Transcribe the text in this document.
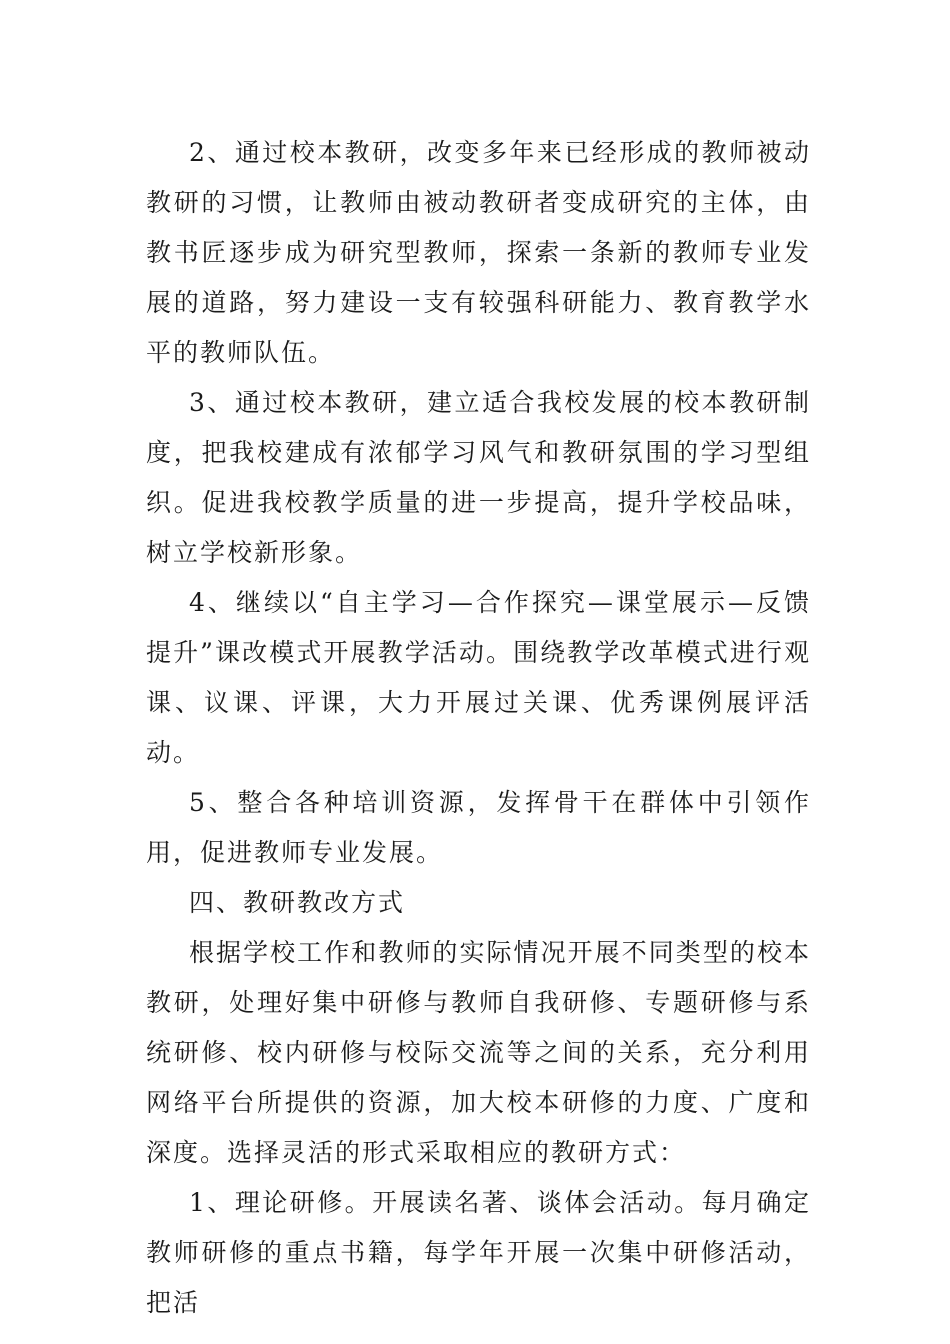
2、通过校本教研，改变多年来已经形成的教师被动教研的习惯，让教师由被动教研者变成研究的主体，由教书匠逐步成为研究型教师，探索一条新的教师专业发展的道路，努力建设一支有较强科研能力、教育教学水平的教师队伍。

3、通过校本教研，建立适合我校发展的校本教研制度，把我校建成有浓郁学习风气和教研氛围的学习型组织。促进我校教学质量的进一步提高，提升学校品味，树立学校新形象。

4、继续以“自主学习—合作探究—课堂展示—反馈提升”课改模式开展教学活动。围绕教学改革模式进行观课、议课、评课，大力开展过关课、优秀课例展评活动。

5、整合各种培训资源，发挥骨干在群体中引领作用，促进教师专业发展。

四、教研教改方式

根据学校工作和教师的实际情况开展不同类型的校本教研，处理好集中研修与教师自我研修、专题研修与系统研修、校内研修与校际交流等之间的关系，充分利用网络平台所提供的资源，加大校本研修的力度、广度和深度。选择灵活的形式采取相应的教研方式：

1、理论研修。开展读名著、谈体会活动。每月确定教师研修的重点书籍，每学年开展一次集中研修活动，把活
